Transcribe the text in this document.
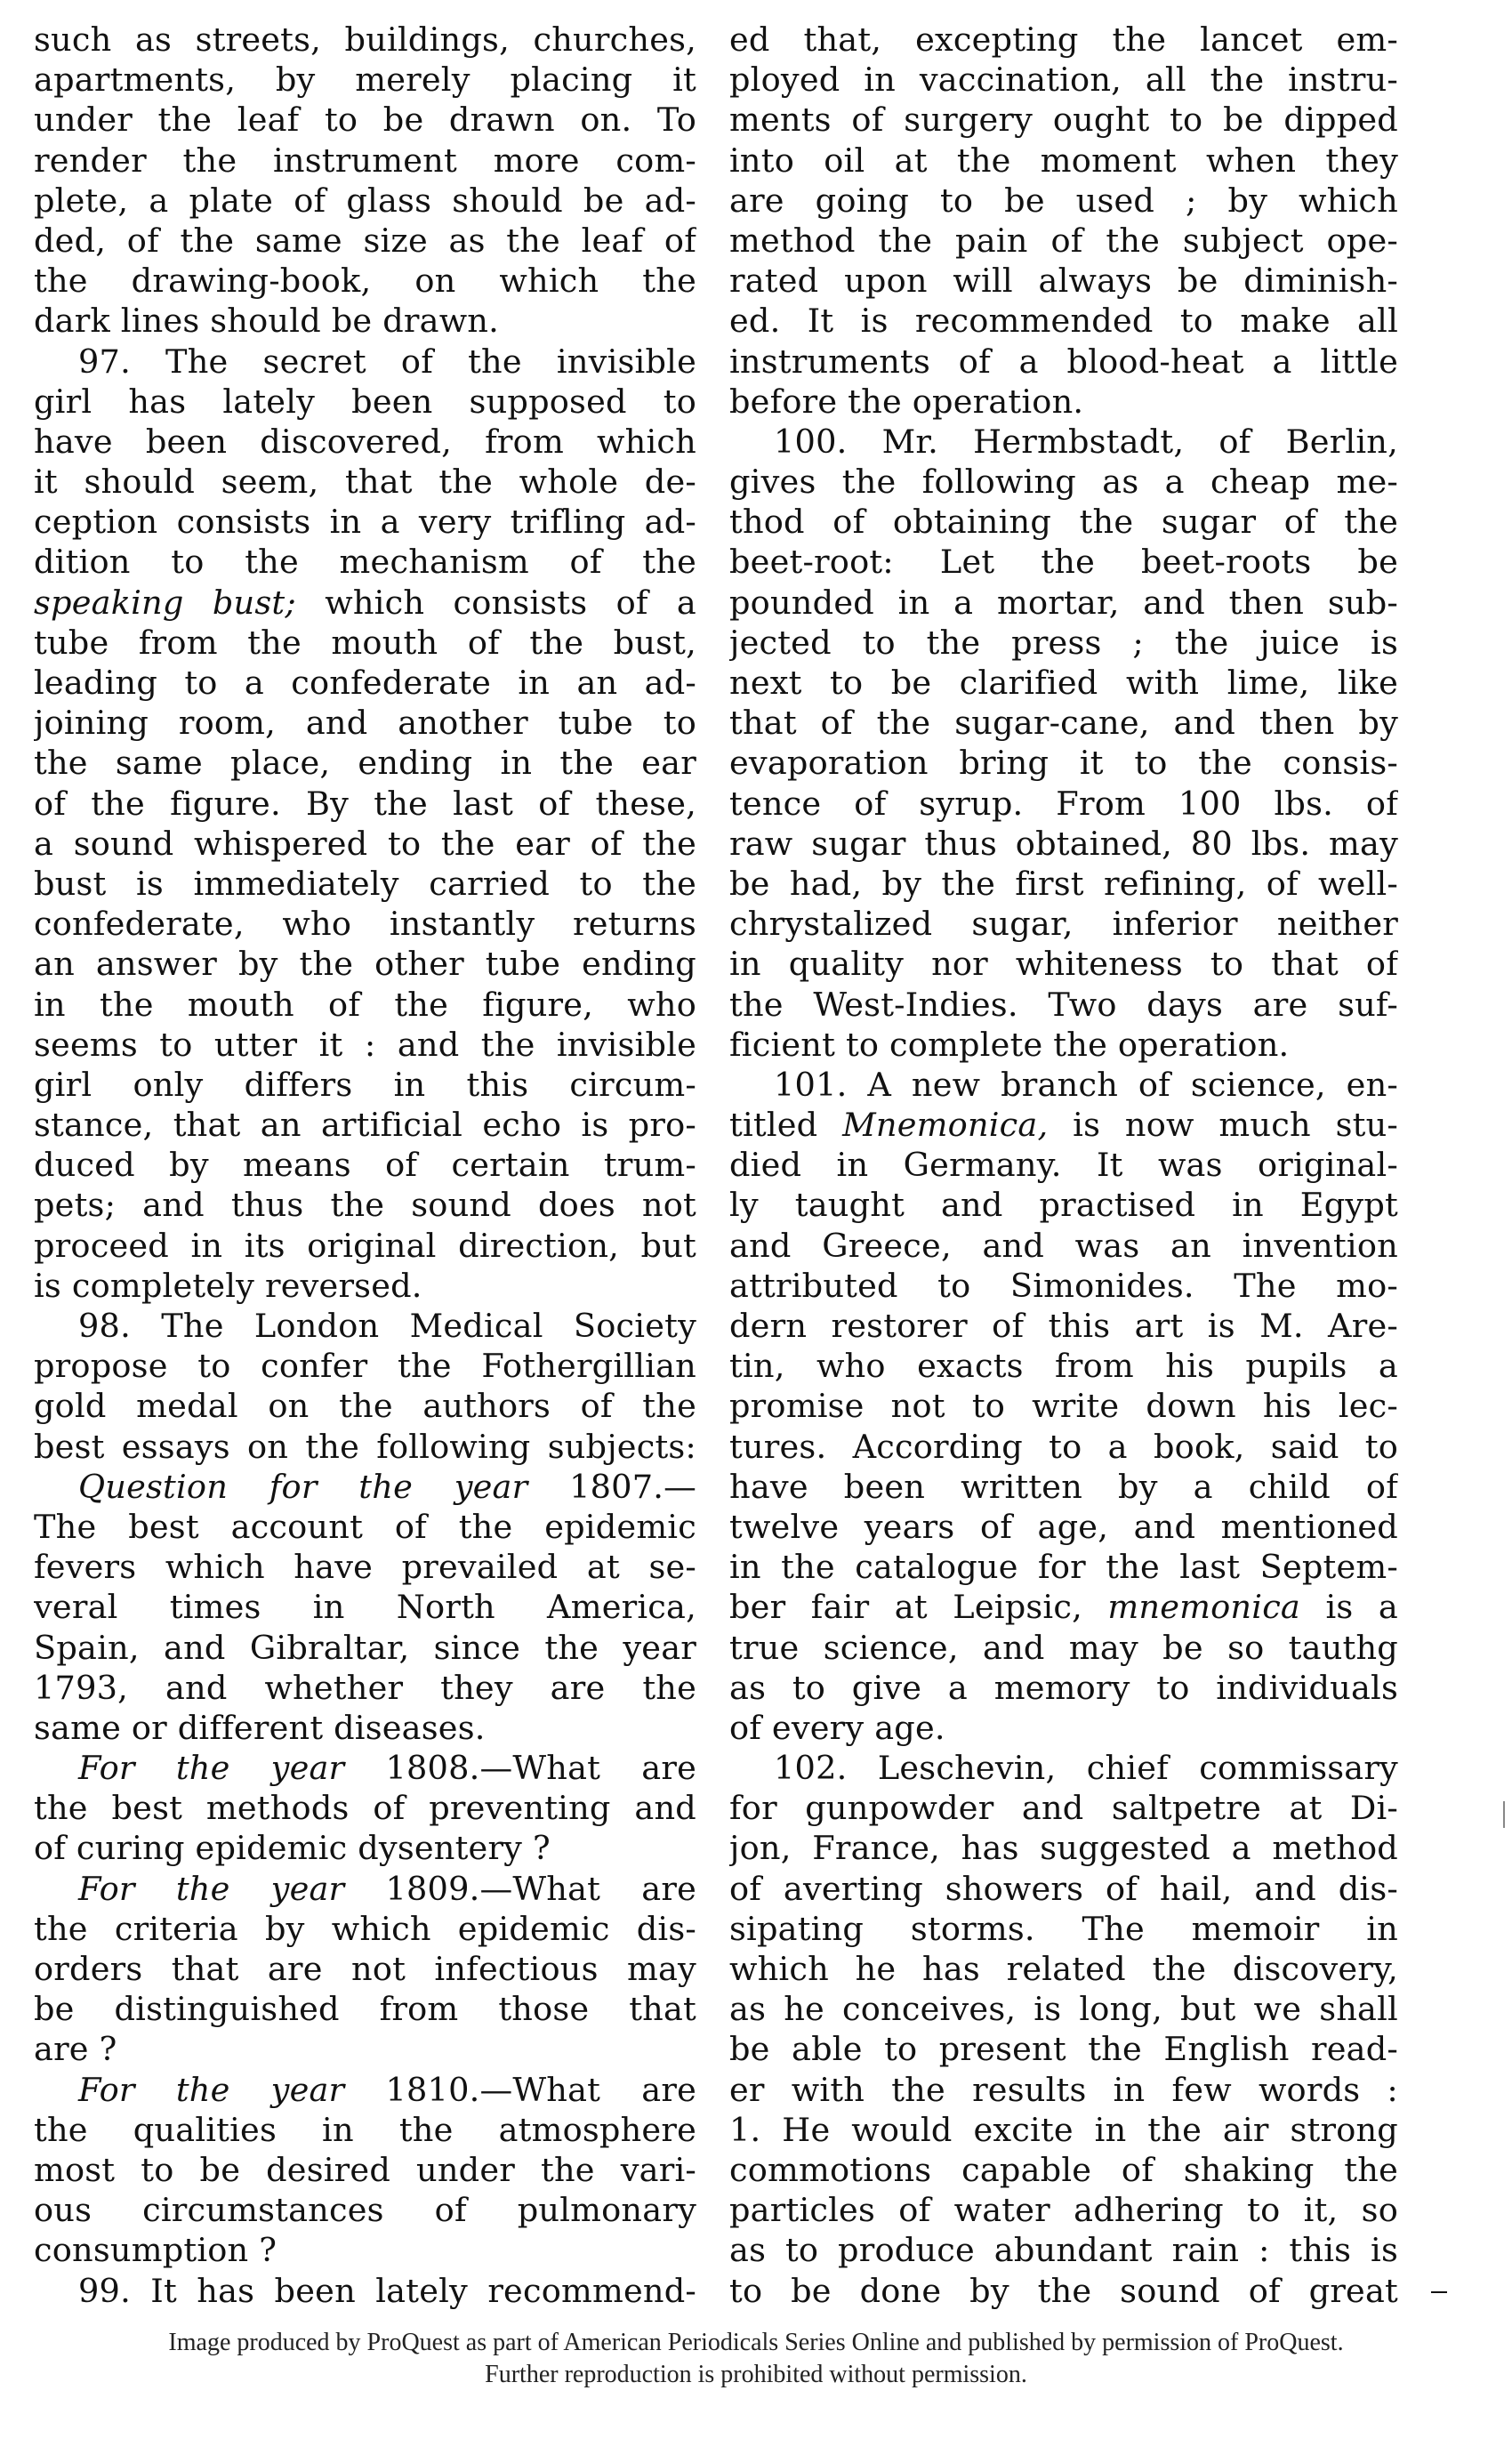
such as streets, buildings, churches,
apartments, by merely placing it
under the leaf to be drawn on. To
render the instrument more com-
plete, a plate of glass should be ad-
ded, of the same size as the leaf of
the drawing-book, on which the
dark lines should be drawn.
97. The secret of the invisible
girl has lately been supposed to
have been discovered, from which
it should seem, that the whole de-
ception consists in a very trifling ad-
dition to the mechanism of the
speaking bust; which consists of a
tube from the mouth of the bust,
leading to a confederate in an ad-
joining room, and another tube to
the same place, ending in the ear
of the figure. By the last of these,
a sound whispered to the ear of the
bust is immediately carried to the
confederate, who instantly returns
an answer by the other tube ending
in the mouth of the figure, who
seems to utter it : and the invisible
girl only differs in this circum-
stance, that an artificial echo is pro-
duced by means of certain trum-
pets; and thus the sound does not
proceed in its original direction, but
is completely reversed.
98. The London Medical Society
propose to confer the Fothergillian
gold medal on the authors of the
best essays on the following subjects:
Question for the year 1807.—
The best account of the epidemic
fevers which have prevailed at se-
veral times in North America,
Spain, and Gibraltar, since the year
1793, and whether they are the
same or different diseases.
For the year 1808.—What are
the best methods of preventing and
of curing epidemic dysentery ?
For the year 1809.—What are
the criteria by which epidemic dis-
orders that are not infectious may
be distinguished from those that
are ?
For the year 1810.—What are
the qualities in the atmosphere
most to be desired under the vari-
ous circumstances of pulmonary
consumption ?
99. It has been lately recommend-
ed that, excepting the lancet em-
ployed in vaccination, all the instru-
ments of surgery ought to be dipped
into oil at the moment when they
are going to be used ; by which
method the pain of the subject ope-
rated upon will always be diminish-
ed. It is recommended to make all
instruments of a blood-heat a little
before the operation.
100. Mr. Hermbstadt, of Berlin,
gives the following as a cheap me-
thod of obtaining the sugar of the
beet-root: Let the beet-roots be
pounded in a mortar, and then sub-
jected to the press ; the juice is
next to be clarified with lime, like
that of the sugar-cane, and then by
evaporation bring it to the consis-
tence of syrup. From 100 lbs. of
raw sugar thus obtained, 80 lbs. may
be had, by the first refining, of well-
chrystalized sugar, inferior neither
in quality nor whiteness to that of
the West-Indies. Two days are suf-
ficient to complete the operation.
101. A new branch of science, en-
titled Mnemonica, is now much stu-
died in Germany. It was original-
ly taught and practised in Egypt
and Greece, and was an invention
attributed to Simonides. The mo-
dern restorer of this art is M. Are-
tin, who exacts from his pupils a
promise not to write down his lec-
tures. According to a book, said to
have been written by a child of
twelve years of age, and mentioned
in the catalogue for the last Septem-
ber fair at Leipsic, mnemonica is a
true science, and may be so tauthg
as to give a memory to individuals
of every age.
102. Leschevin, chief commissary
for gunpowder and saltpetre at Di-
jon, France, has suggested a method
of averting showers of hail, and dis-
sipating storms. The memoir in
which he has related the discovery,
as he conceives, is long, but we shall
be able to present the English read-
er with the results in few words :
1. He would excite in the air strong
commotions capable of shaking the
particles of water adhering to it, so
as to produce abundant rain : this is
to be done by the sound of great
Image produced by ProQuest as part of American Periodicals Series Online and published by permission of ProQuest.
Further reproduction is prohibited without permission.
